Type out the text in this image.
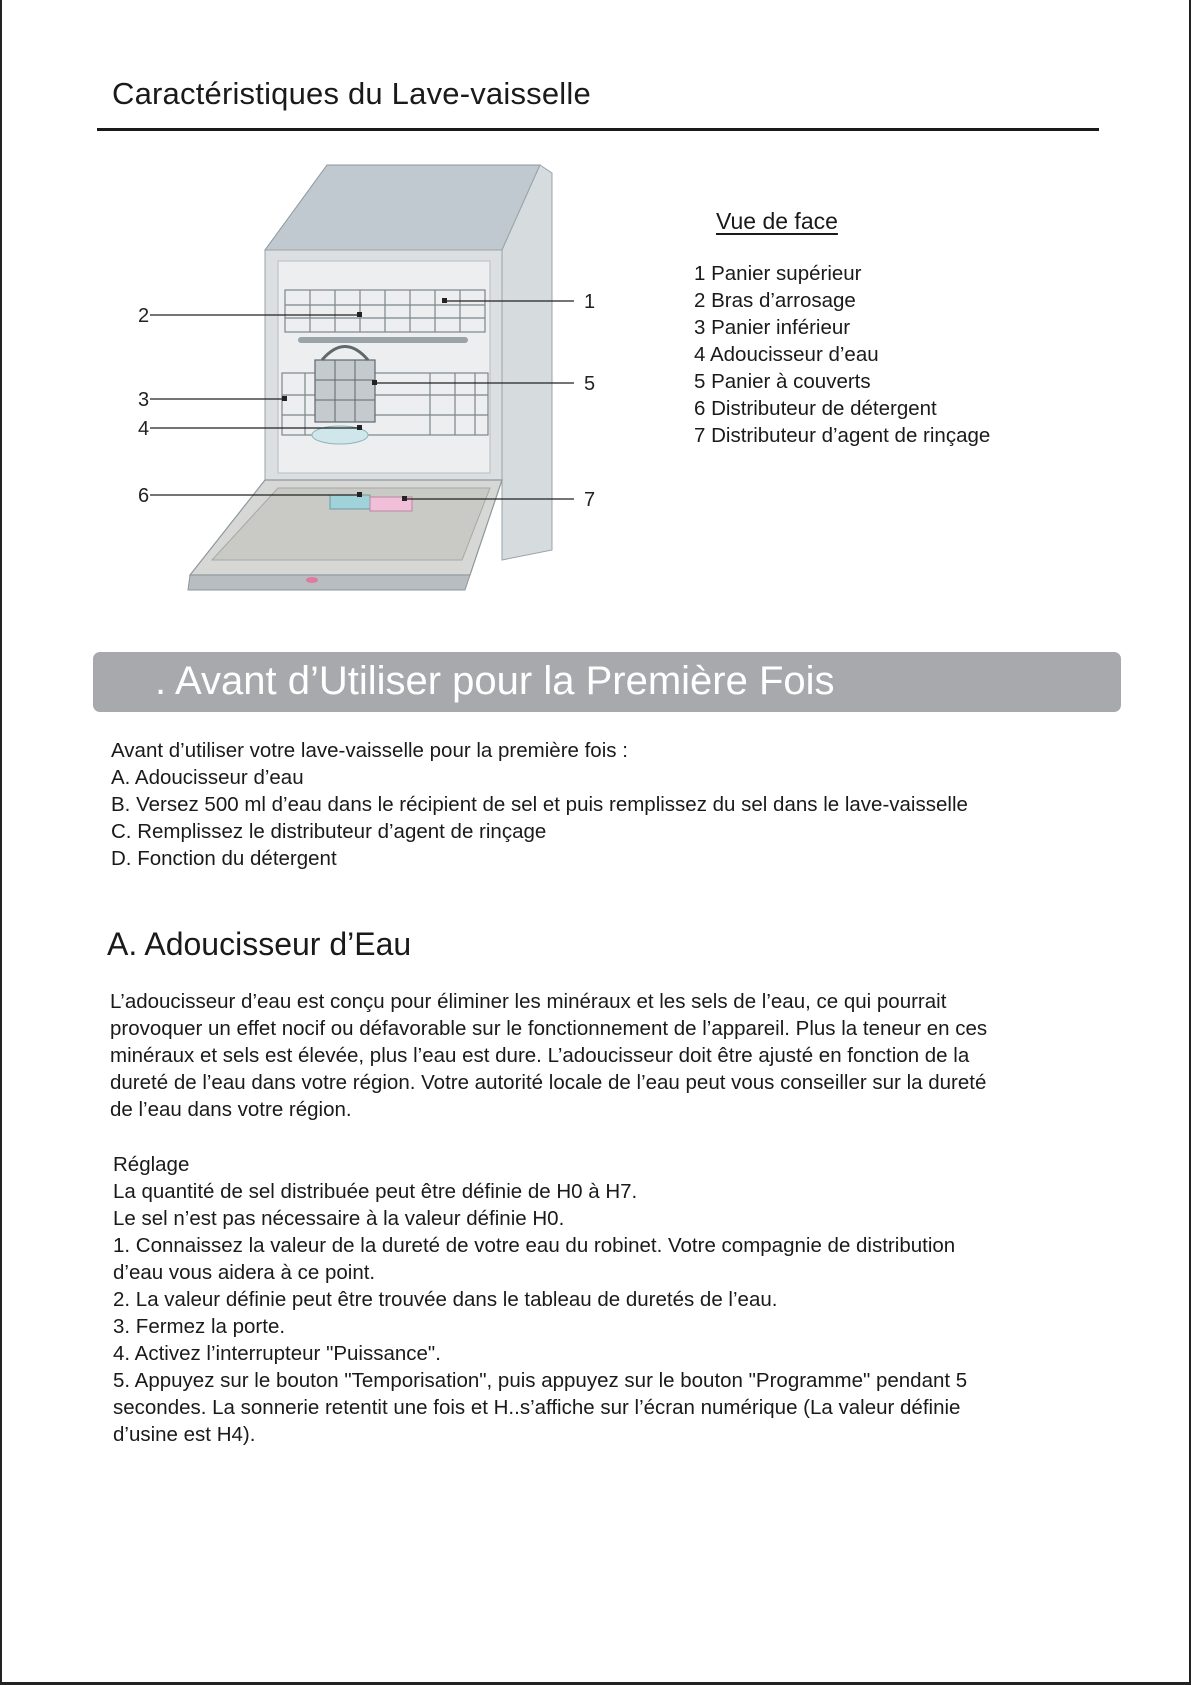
Caractéristiques du Lave-vaisselle
1
2
3
4
5
6	7
Vue de face
1 Panier supérieur
2 Bras d’arrosage
3 Panier inférieur
4 Adoucisseur d’eau
5 Panier à couverts
6 Distributeur de détergent
7 Distributeur d’agent de rinçage
. Avant d’Utiliser pour la Première Fois
Avant d’utiliser votre lave-vaisselle pour la première fois :
A. Adoucisseur d’eau
B. Versez 500 ml d’eau dans le récipient de sel et puis remplissez du sel dans le lave-vaisselle
C. Remplissez le distributeur d’agent de rinçage
D. Fonction du détergent
A. Adoucisseur d’Eau
L’adoucisseur d’eau est conçu pour éliminer les minéraux et les sels de l’eau, ce qui pourrait
provoquer un effet nocif ou défavorable sur le fonctionnement de l’appareil. Plus la teneur en ces
minéraux et sels est élevée, plus l’eau est dure. L’adoucisseur doit être ajusté en fonction de la
dureté de l’eau dans votre région. Votre autorité locale de l’eau peut vous conseiller sur la dureté
de l’eau dans votre région.
Réglage
La quantité de sel distribuée peut être définie de H0 à H7.
Le sel n’est pas nécessaire à la valeur définie H0.
1. Connaissez la valeur de la dureté de votre eau du robinet. Votre compagnie de distribution
d’eau vous aidera à ce point.
2. La valeur définie peut être trouvée dans le tableau de duretés de l’eau.
3. Fermez la porte.
4. Activez l’interrupteur "Puissance".
5. Appuyez sur le bouton "Temporisation", puis appuyez sur le bouton "Programme" pendant 5
secondes. La sonnerie retentit une fois et H..s’affiche sur l’écran numérique (La valeur définie
d’usine est H4).
